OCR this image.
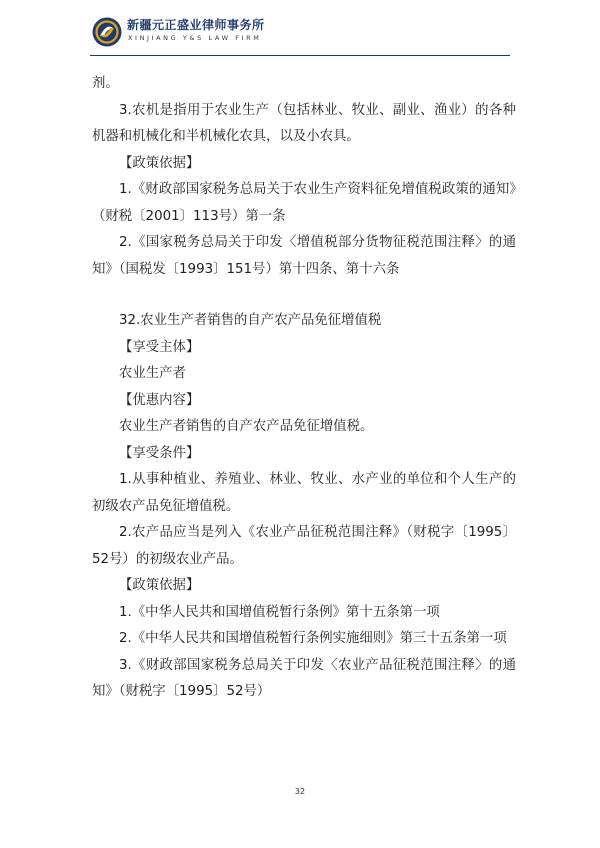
新疆元正盛业律师事务所
XINJIANG Y&S LAW FIRM

剂。

3.农机是指用于农业生产（包括林业、牧业、副业、渔业）的各种机器和机械化和半机械化农具，以及小农具。

【政策依据】

1.《财政部国家税务总局关于农业生产资料征免增值税政策的通知》（财税〔2001〕113号）第一条

2.《国家税务总局关于印发〈增值税部分货物征税范围注释〉的通知》（国税发〔1993〕151号）第十四条、第十六条

32.农业生产者销售的自产农产品免征增值税

【享受主体】

农业生产者

【优惠内容】

农业生产者销售的自产农产品免征增值税。

【享受条件】

1.从事种植业、养殖业、林业、牧业、水产业的单位和个人生产的初级农产品免征增值税。

2.农产品应当是列入《农业产品征税范围注释》（财税字〔1995〕52号）的初级农业产品。

【政策依据】

1.《中华人民共和国增值税暂行条例》第十五条第一项

2.《中华人民共和国增值税暂行条例实施细则》第三十五条第一项

3.《财政部国家税务总局关于印发〈农业产品征税范围注释〉的通知》（财税字〔1995〕52号）

32
